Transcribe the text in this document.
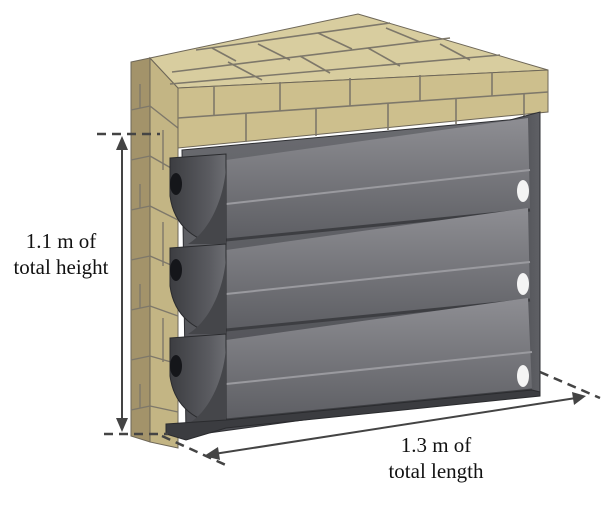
1.1 m of
total height
1.3 m of
total length
